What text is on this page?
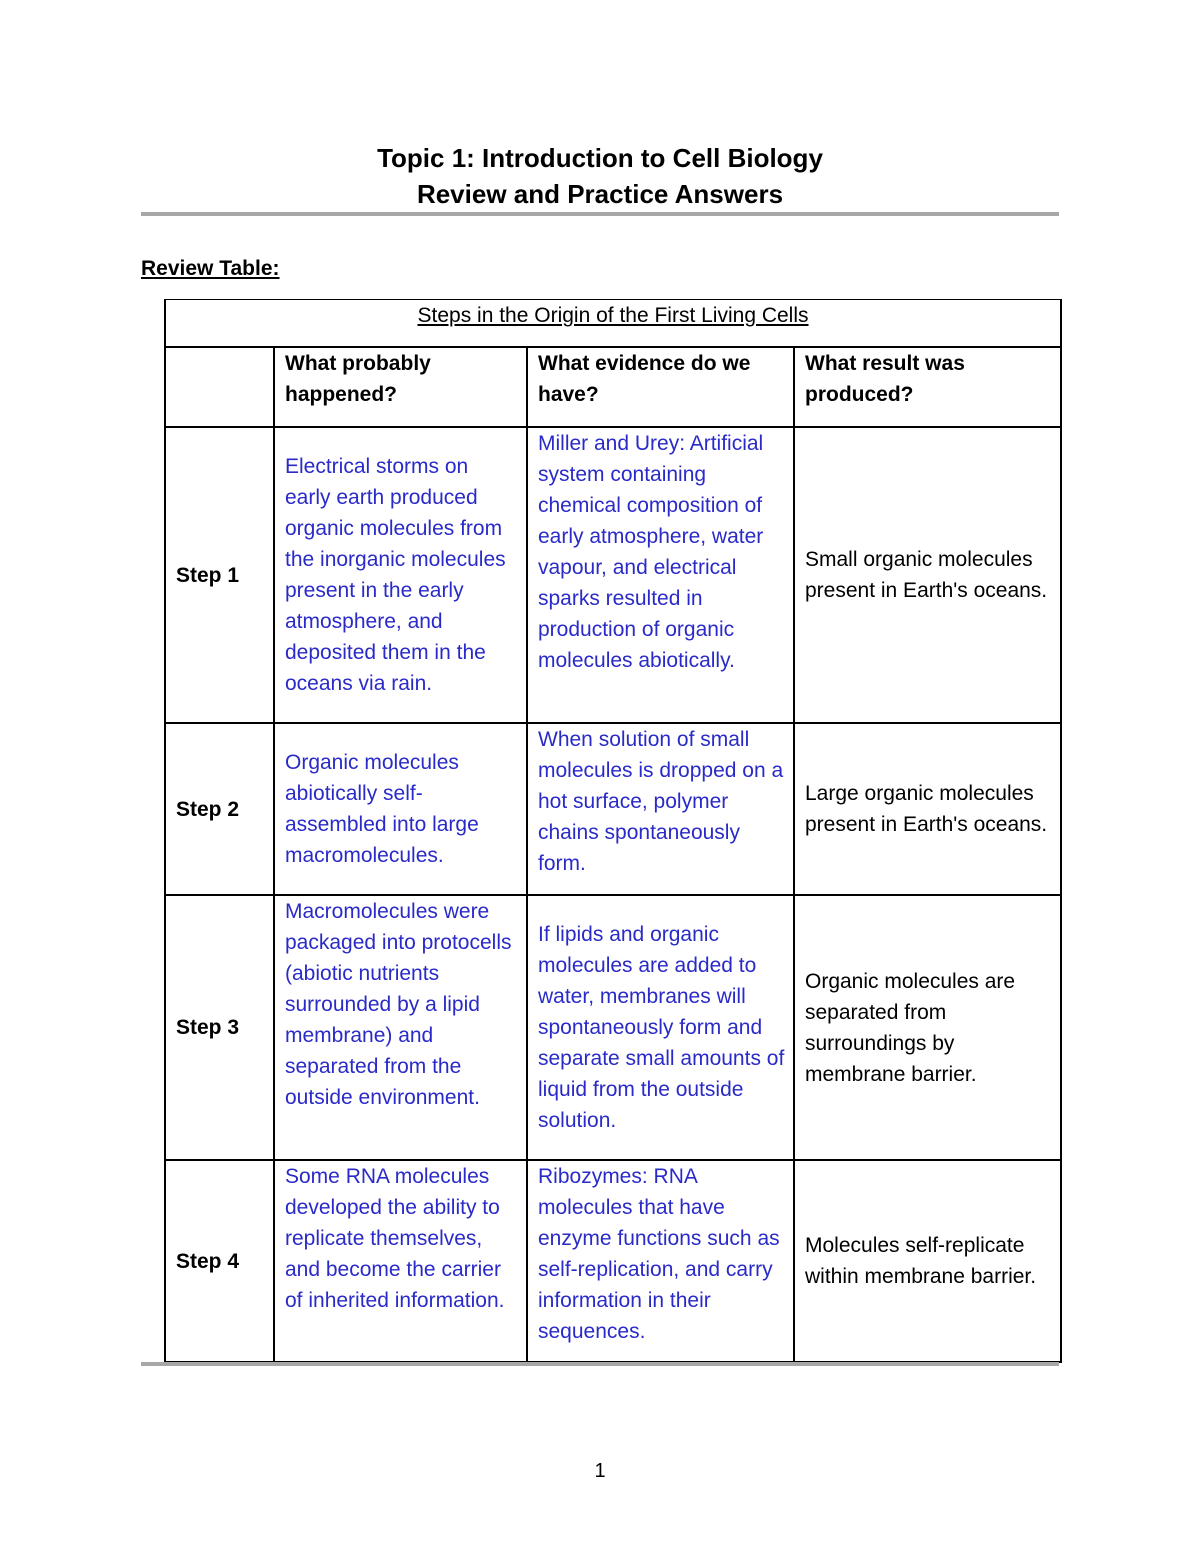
Topic 1: Introduction to Cell Biology
Review and Practice Answers
Review Table:
Steps in the Origin of the First Living Cells			
	What probably happened?	What evidence do we have?	What result was produced?
Step 1	Electrical storms on early earth produced organic molecules from the inorganic molecules present in the early atmosphere, and deposited them in the oceans via rain.	Miller and Urey: Artificial system containing chemical composition of early atmosphere, water vapour, and electrical sparks resulted in production of organic molecules abiotically.	Small organic molecules present in Earth's oceans.
Step 2	Organic molecules abiotically self-assembled into large macromolecules.	When solution of small molecules is dropped on a hot surface, polymer chains spontaneously form.	Large organic molecules present in Earth's oceans.
Step 3	Macromolecules were packaged into protocells (abiotic nutrients surrounded by a lipid membrane) and separated from the outside environment.	If lipids and organic molecules are added to water, membranes will spontaneously form and separate small amounts of liquid from the outside solution.	Organic molecules are separated from surroundings by membrane barrier.
Step 4	Some RNA molecules developed the ability to replicate themselves, and become the carrier of inherited information.	Ribozymes: RNA molecules that have enzyme functions such as self-replication, and carry information in their sequences.	Molecules self-replicate within membrane barrier.
1
